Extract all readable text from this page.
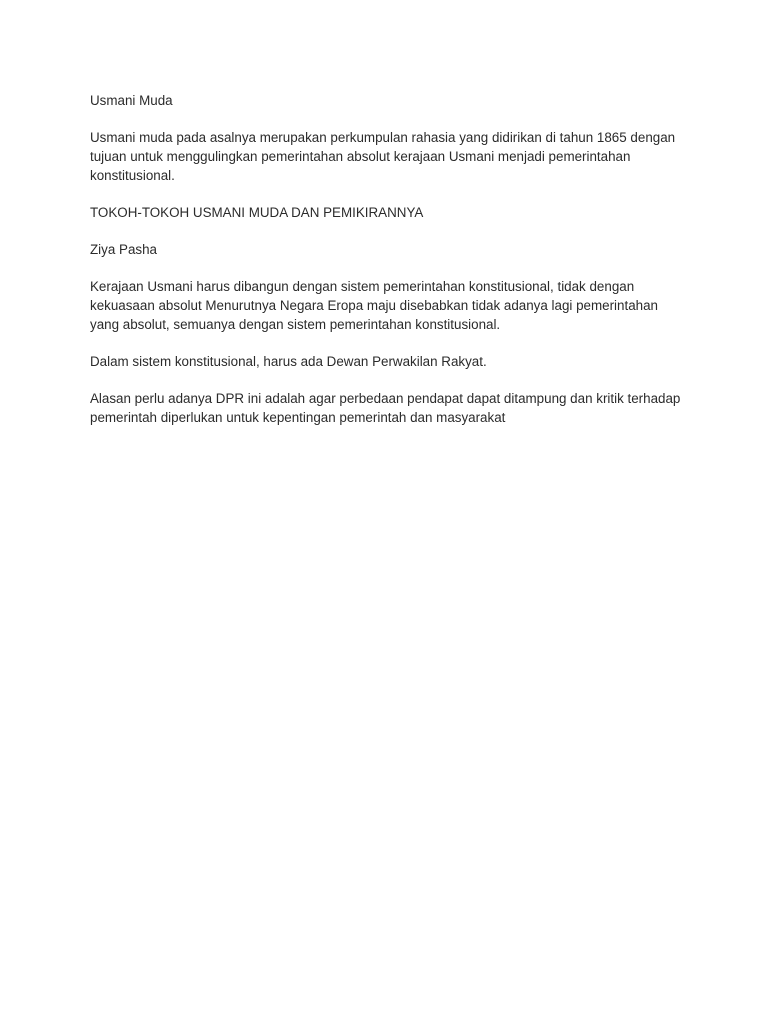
Usmani Muda

Usmani muda pada asalnya merupakan perkumpulan rahasia yang didirikan di tahun 1865 dengan tujuan untuk menggulingkan pemerintahan absolut kerajaan Usmani menjadi pemerintahan konstitusional.

TOKOH-TOKOH USMANI MUDA DAN PEMIKIRANNYA

Ziya Pasha

Kerajaan Usmani harus dibangun dengan sistem pemerintahan konstitusional, tidak dengan kekuasaan absolut Menurutnya Negara Eropa maju disebabkan tidak adanya lagi pemerintahan yang absolut, semuanya dengan sistem pemerintahan konstitusional.

Dalam sistem konstitusional, harus ada Dewan Perwakilan Rakyat.

Alasan perlu adanya DPR ini adalah agar perbedaan pendapat dapat ditampung dan kritik terhadap pemerintah diperlukan untuk kepentingan pemerintah dan masyarakat
